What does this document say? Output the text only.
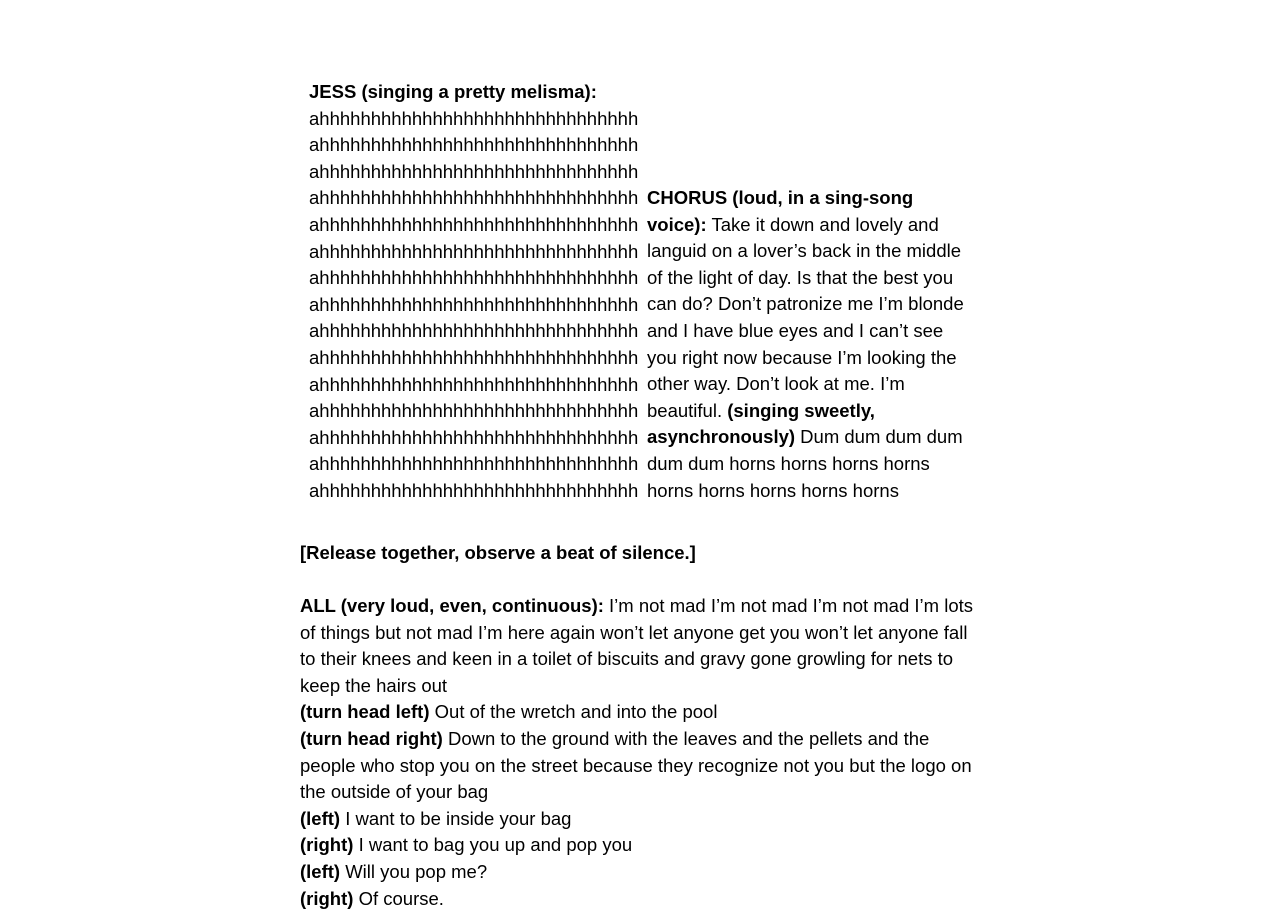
JESS (singing a pretty melisma):
ahhhhhhhhhhhhhhhhhhhhhhhhhhhhhhh
ahhhhhhhhhhhhhhhhhhhhhhhhhhhhhhh
ahhhhhhhhhhhhhhhhhhhhhhhhhhhhhhh
ahhhhhhhhhhhhhhhhhhhhhhhhhhhhhhh
ahhhhhhhhhhhhhhhhhhhhhhhhhhhhhhh
ahhhhhhhhhhhhhhhhhhhhhhhhhhhhhhh
ahhhhhhhhhhhhhhhhhhhhhhhhhhhhhhh
ahhhhhhhhhhhhhhhhhhhhhhhhhhhhhhh
ahhhhhhhhhhhhhhhhhhhhhhhhhhhhhhh
ahhhhhhhhhhhhhhhhhhhhhhhhhhhhhhh
ahhhhhhhhhhhhhhhhhhhhhhhhhhhhhhh
ahhhhhhhhhhhhhhhhhhhhhhhhhhhhhhh
ahhhhhhhhhhhhhhhhhhhhhhhhhhhhhhh
ahhhhhhhhhhhhhhhhhhhhhhhhhhhhhhh
ahhhhhhhhhhhhhhhhhhhhhhhhhhhhhhh
CHORUS (loud, in a sing-song voice): Take it down and lovely and languid on a lover’s back in the middle of the light of day. Is that the best you can do? Don’t patronize me I’m blonde and I have blue eyes and I can’t see you right now because I’m looking the other way. Don’t look at me. I’m beautiful. (singing sweetly, asynchronously) Dum dum dum dum dum dum horns horns horns horns horns horns horns horns horns
[Release together, observe a beat of silence.]
ALL (very loud, even, continuous): I’m not mad I’m not mad I’m not mad I’m lots of things but not mad I’m here again won’t let anyone get you won’t let anyone fall to their knees and keen in a toilet of biscuits and gravy gone growling for nets to keep the hairs out
(turn head left) Out of the wretch and into the pool
(turn head right) Down to the ground with the leaves and the pellets and the people who stop you on the street because they recognize not you but the logo on the outside of your bag
(left) I want to be inside your bag
(right) I want to bag you up and pop you
(left) Will you pop me?
(right) Of course.
